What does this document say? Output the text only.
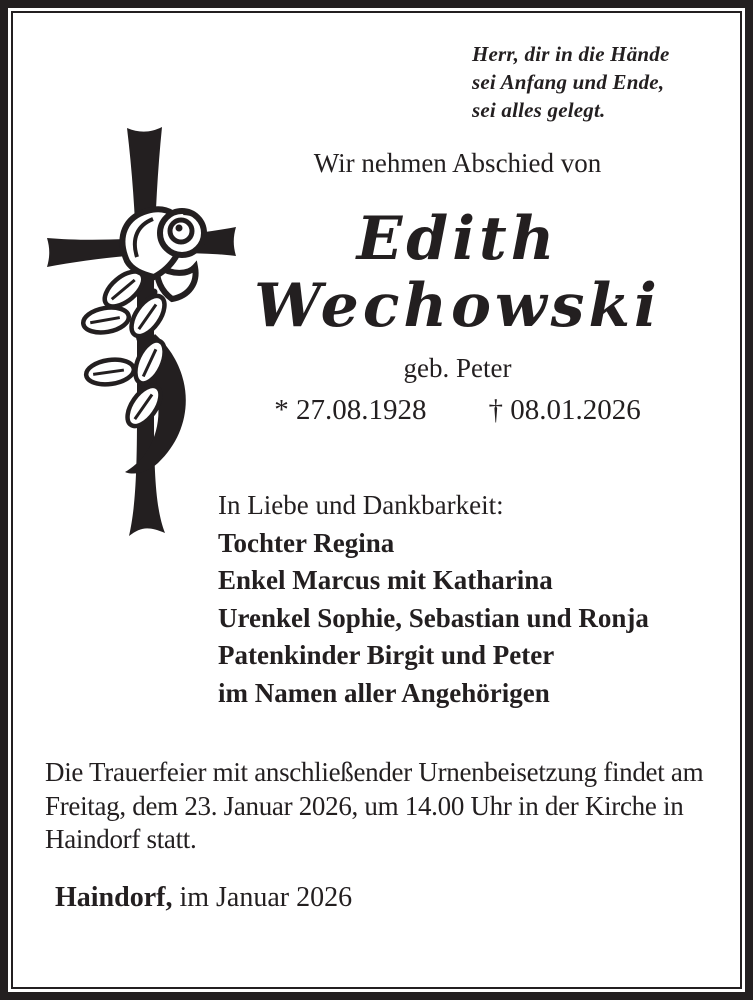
Herr, dir in die Hände
sei Anfang und Ende,
sei alles gelegt.
Wir nehmen Abschied von
Edith
Wechowski
geb. Peter
* 27.08.1928 † 08.01.2026
In Liebe und Dankbarkeit:
Tochter Regina
Enkel Marcus mit Katharina
Urenkel Sophie, Sebastian und Ronja
Patenkinder Birgit und Peter
im Namen aller Angehörigen
Die Trauerfeier mit anschließender Urnenbeisetzung findet am Freitag, dem 23. Januar 2026, um 14.00 Uhr in der Kirche in Haindorf statt.
Haindorf, im Januar 2026
